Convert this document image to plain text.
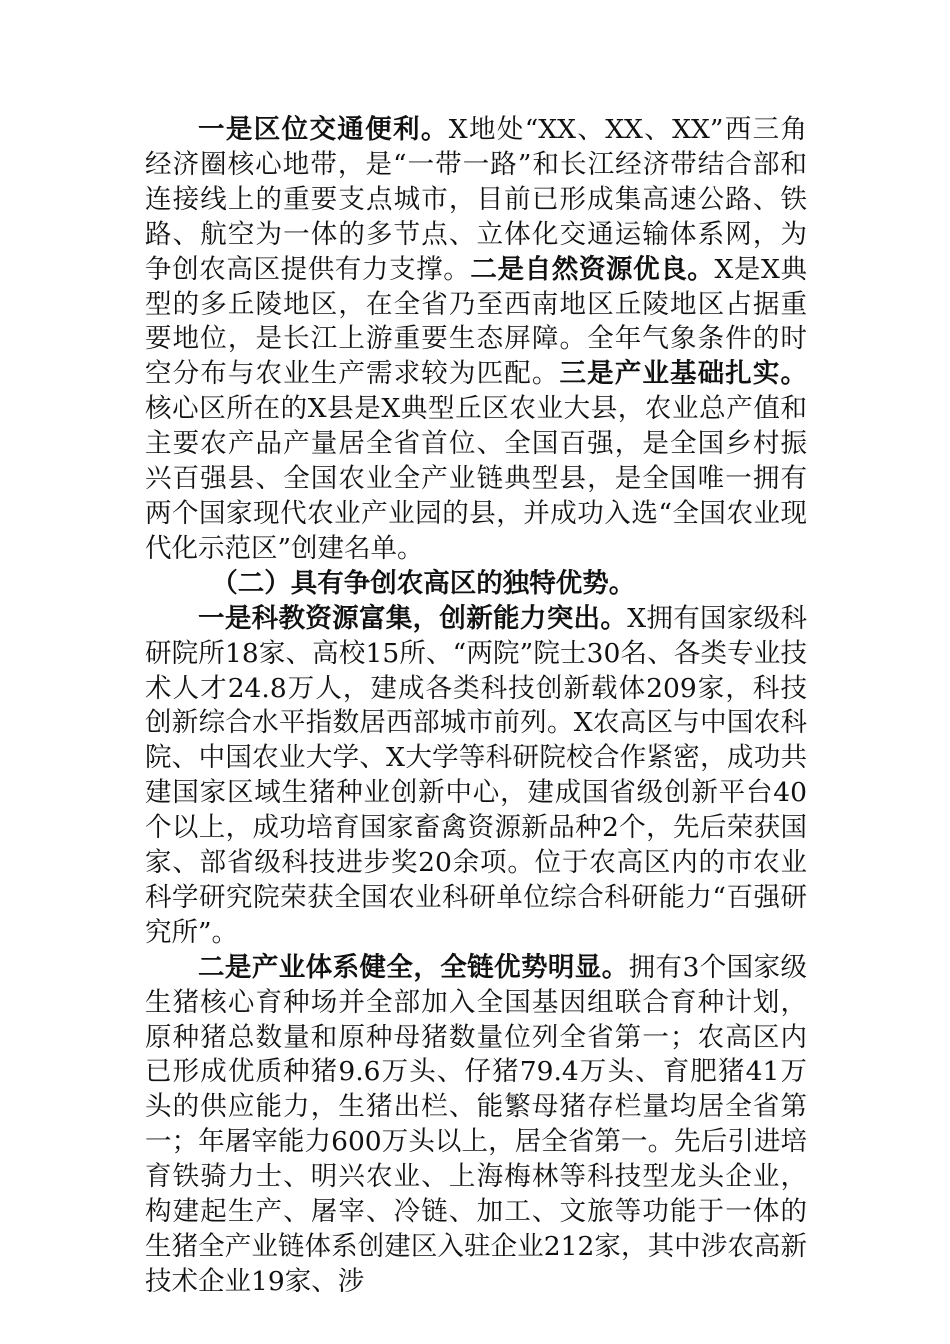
一是区位交通便利。X地处“XX、XX、XX”西三角经济圈核心地带，是“一带一路”和长江经济带结合部和连接线上的重要支点城市，目前已形成集高速公路、铁路、航空为一体的多节点、立体化交通运输体系网，为争创农高区提供有力支撑。二是自然资源优良。X是X典型的多丘陵地区，在全省乃至西南地区丘陵地区占据重要地位，是长江上游重要生态屏障。全年气象条件的时空分布与农业生产需求较为匹配。三是产业基础扎实。核心区所在的X县是X典型丘区农业大县，农业总产值和主要农产品产量居全省首位、全国百强，是全国乡村振兴百强县、全国农业全产业链典型县，是全国唯一拥有两个国家现代农业产业园的县，并成功入选“全国农业现代化示范区”创建名单。

（二）具有争创农高区的独特优势。

一是科教资源富集，创新能力突出。X拥有国家级科研院所18家、高校15所、“两院”院士30名、各类专业技术人才24.8万人，建成各类科技创新载体209家，科技创新综合水平指数居西部城市前列。X农高区与中国农科院、中国农业大学、X大学等科研院校合作紧密，成功共建国家区域生猪种业创新中心，建成国省级创新平台40个以上，成功培育国家畜禽资源新品种2个，先后荣获国家、部省级科技进步奖20余项。位于农高区内的市农业科学研究院荣获全国农业科研单位综合科研能力“百强研究所”。

二是产业体系健全，全链优势明显。拥有3个国家级生猪核心育种场并全部加入全国基因组联合育种计划，原种猪总数量和原种母猪数量位列全省第一；农高区内已形成优质种猪9.6万头、仔猪79.4万头、育肥猪41万头的供应能力，生猪出栏、能繁母猪存栏量均居全省第一；年屠宰能力600万头以上，居全省第一。先后引进培育铁骑力士、明兴农业、上海梅林等科技型龙头企业，构建起生产、屠宰、冷链、加工、文旅等功能于一体的生猪全产业链体系创建区入驻企业212家，其中涉农高新技术企业19家、涉
